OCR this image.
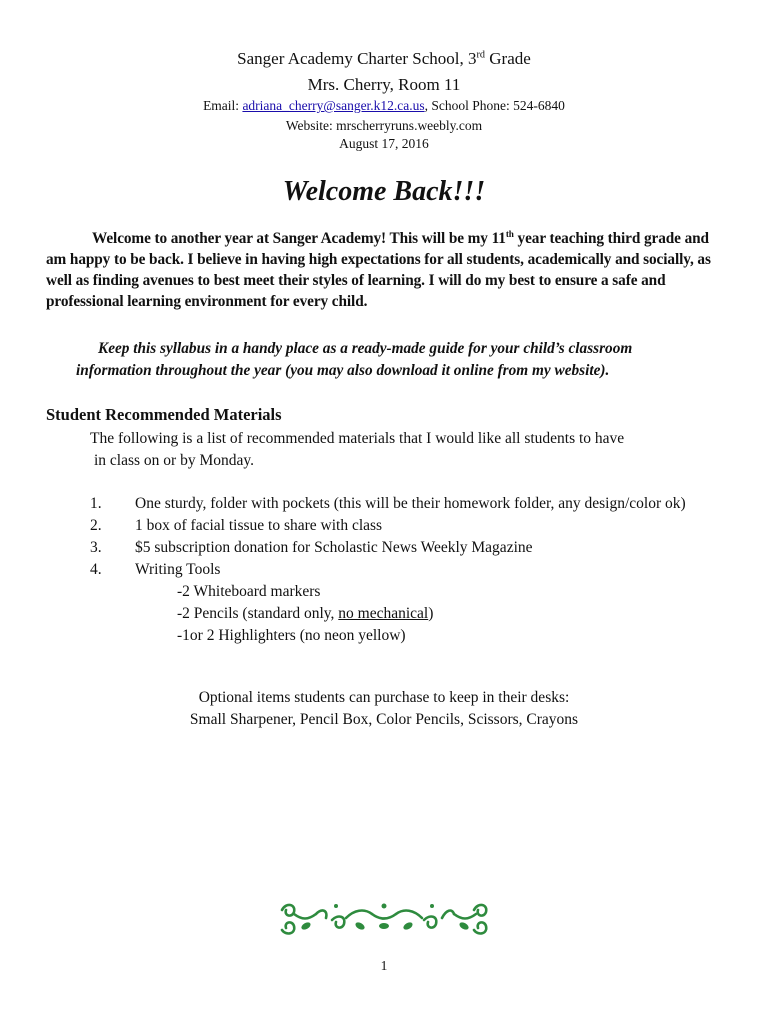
Sanger Academy Charter School, 3rd Grade
Mrs. Cherry, Room 11
Email: adriana_cherry@sanger.k12.ca.us, School Phone: 524-6840
Website: mrscherryruns.weebly.com
August 17, 2016
Welcome Back!!!
Welcome to another year at Sanger Academy! This will be my 11th year teaching third grade and am happy to be back. I believe in having high expectations for all students, academically and socially, as well as finding avenues to best meet their styles of learning. I will do my best to ensure a safe and professional learning environment for every child.
Keep this syllabus in a handy place as a ready-made guide for your child’s classroom
information throughout the year (you may also download it online from my website).
Student Recommended Materials
The following is a list of recommended materials that I would like all students to have

in class on or by Monday.
1.	One sturdy, folder with pockets (this will be their homework folder, any design/color ok)
2.	1 box of facial tissue to share with class
3.	$5 subscription donation for Scholastic News Weekly Magazine
4.	Writing Tools
-2 Whiteboard markers
-2 Pencils (standard only, no mechanical)
-1or 2 Highlighters (no neon yellow)
Optional items students can purchase to keep in their desks:
Small Sharpener, Pencil Box, Color Pencils, Scissors, Crayons
1
